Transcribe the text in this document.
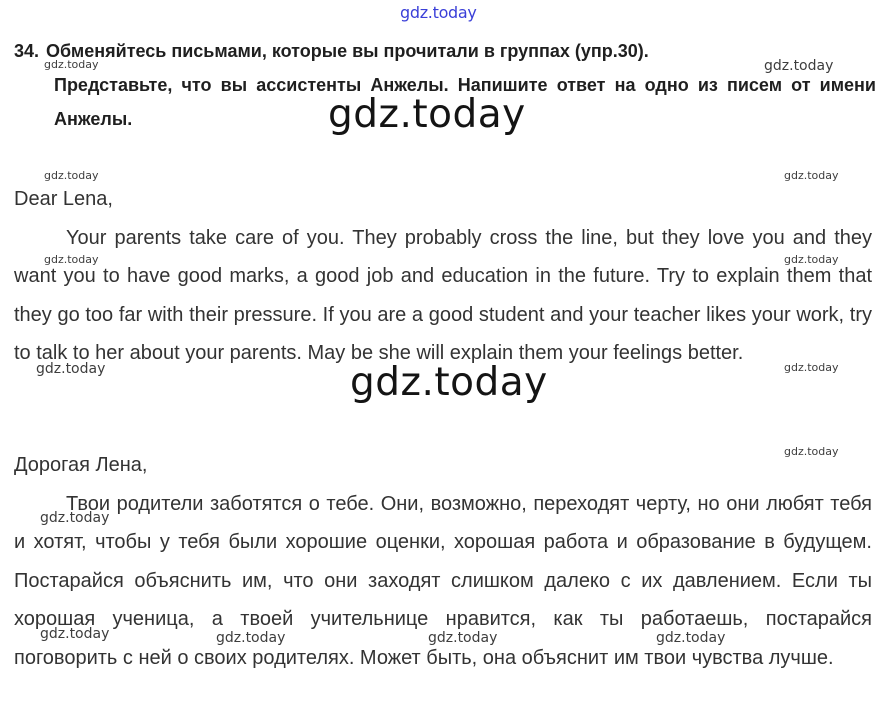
34. Обменяйтесь письмами, которые вы прочитали в группах (упр.30).
Представьте, что вы ассистенты Анжелы. Напишите ответ на одно из писем от имени Анжелы.
Dear Lena,
Your parents take care of you. They probably cross the line, but they love you and they want you to have good marks, a good job and education in the future. Try to explain them that they go too far with their pressure. If you are a good student and your teacher likes your work, try to talk to her about your parents. May be she will explain them your feelings better.
Дорогая Лена,
Твои родители заботятся о тебе. Они, возможно, переходят черту, но они любят тебя и хотят, чтобы у тебя были хорошие оценки, хорошая работа и образование в будущем. Постарайся объяснить им, что они заходят слишком далеко с их давлением. Если ты хорошая ученица, а твоей учительнице нравится, как ты работаешь, постарайся поговорить с ней о своих родителях. Может быть, она объяснит им твои чувства лучше.
gdz.today
gdz.today	gdz.today
gdz.today
gdz.today	gdz.today
gdz.today	gdz.today
gdz.today	gdz.today
gdz.today
gdz.today
gdz.today
gdz.today	gdz.today	gdz.today	gdz.today
